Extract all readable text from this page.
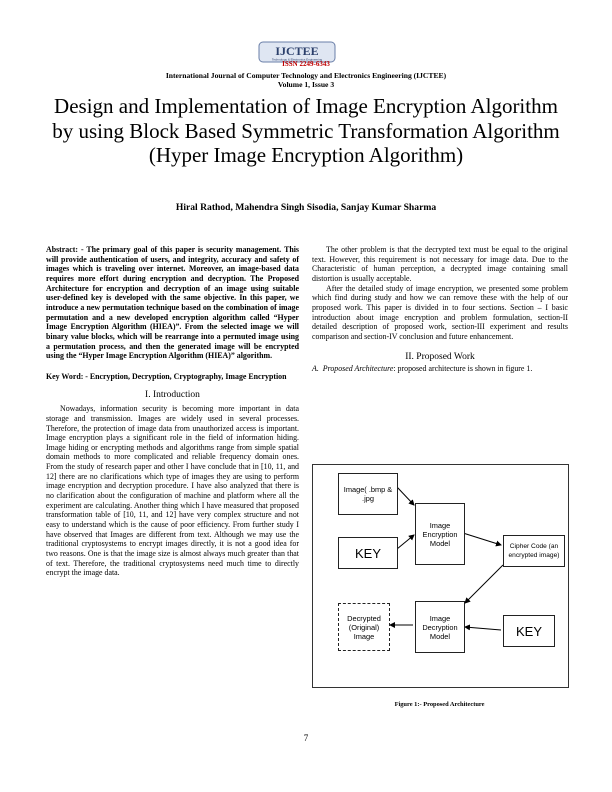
IJCTEE
Technology & Electronics Engineering
ISSN 2249-6343
International Journal of Computer Technology and Electronics Engineering (IJCTEE)
Volume 1, Issue 3
Design and Implementation of Image Encryption Algorithm
by using Block Based Symmetric Transformation Algorithm
(Hyper Image Encryption Algorithm)
Hiral Rathod, Mahendra Singh Sisodia, Sanjay Kumar Sharma

Abstract: - The primary goal of this paper is security management. This will provide authentication of users, and integrity, accuracy and safety of images which is traveling over internet. Moreover, an image-based data requires more effort during encryption and decryption. The Proposed Architecture for encryption and decryption of an image using suitable user-defined key is developed with the same objective. In this paper, we introduce a new permutation technique based on the combination of image permutation and a new developed encryption algorithm called “Hyper Image Encryption Algorithm (HIEA)”. From the selected image we will binary value blocks, which will be rearrange into a permuted image using a permutation process, and then the generated image will be encrypted using the “Hyper Image Encryption Algorithm (HIEA)” algorithm.

Key Word: - Encryption, Decryption, Cryptography, Image Encryption

I. Introduction

Nowadays, information security is becoming more important in data storage and transmission. Images are widely used in several processes. Therefore, the protection of image data from unauthorized access is important. Image encryption plays a significant role in the field of information hiding. Image hiding or encrypting methods and algorithms range from simple spatial domain methods to more complicated and reliable frequency domain ones. From the study of research paper and other I have conclude that in [10, 11, and 12] there are no clarifications which type of images they are using to perform image encryption and decryption procedure. I have also analyzed that there is no clarification about the configuration of machine and platform where all the experiment are calculating. Another thing which I have measured that proposed transformation table of [10, 11, and 12] have very complex structure and not easy to understand which is the cause of poor efficiency. From further study I have observed that Images are different from text. Although we may use the traditional cryptosystems to encrypt images directly, it is not a good idea for two reasons. One is that the image size is almost always much greater than that of text. Therefore, the traditional cryptosystems need much time to directly encrypt the image data.

The other problem is that the decrypted text must be equal to the original text. However, this requirement is not necessary for image data. Due to the Characteristic of human perception, a decrypted image containing small distortion is usually acceptable.

After the detailed study of image encryption, we presented some problem which find during study and how we can remove these with the help of our proposed work. This paper is divided in to four sections. Section – I basic introduction about image encryption and problem formulation, section-II detailed description of proposed work, section-III experiment and results comparison and section-IV conclusion and future enhancement.

II. Proposed Work

A. Proposed Architecture: proposed architecture is shown in figure 1.

Image( .bmp & .jpg
KEY
Image Encryption Model	Cipher Code (an encrypted image)
Decrypted (Original) Image
Image Decryption Model	KEY
Figure 1:- Proposed Architecture
7
